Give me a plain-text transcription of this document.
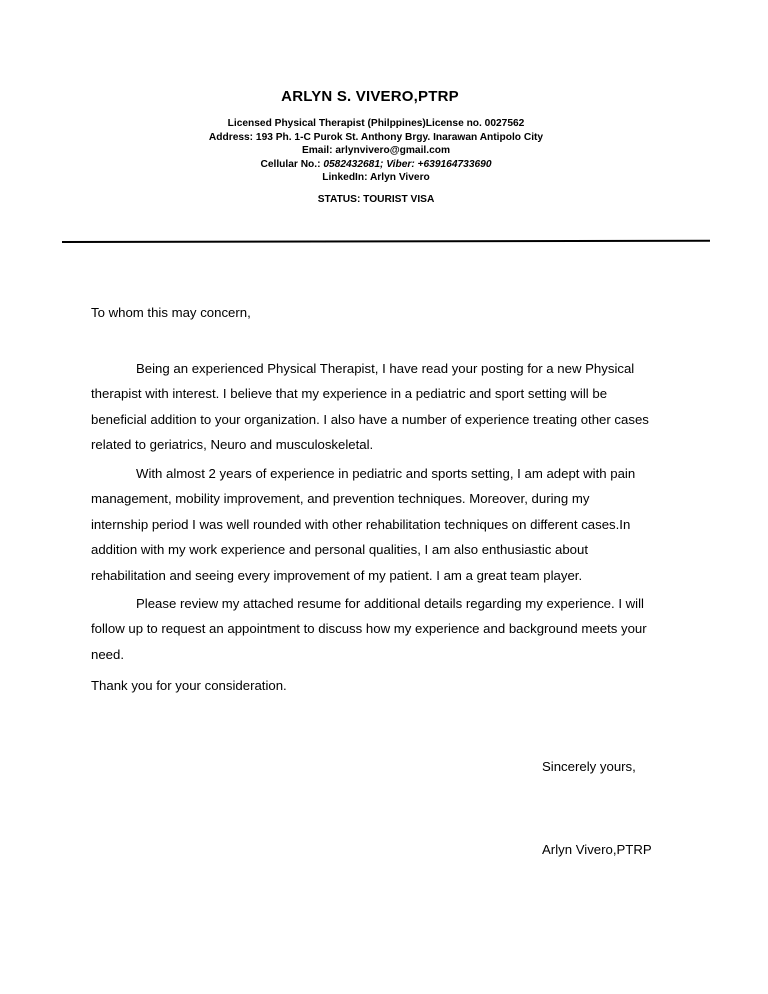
ARLYN S. VIVERO,PTRP
Licensed Physical Therapist (Philppines)License no. 0027562
Address: 193 Ph. 1-C Purok St. Anthony Brgy. Inarawan Antipolo City
Email: arlynvivero@gmail.com
Cellular No.: 0582432681; Viber: +639164733690
LinkedIn: Arlyn Vivero
STATUS: TOURIST VISA
To whom this may concern,
Being an experienced Physical Therapist, I have read your posting for a new Physical
therapist with interest. I believe that my experience in a pediatric and sport setting will be
beneficial addition to your organization. I also have a number of experience treating other cases
related to geriatrics, Neuro and musculoskeletal.
With almost 2 years of experience in pediatric and sports setting, I am adept with pain
management, mobility improvement, and prevention techniques. Moreover, during my
internship period I was well rounded with other rehabilitation techniques on different cases.In
addition with my work experience and personal qualities, I am also enthusiastic about
rehabilitation and seeing every improvement of my patient. I am a great team player.
Please review my attached resume for additional details regarding my experience. I will
follow up to request an appointment to discuss how my experience and background meets your
need.
Thank you for your consideration.
Sincerely yours,
Arlyn Vivero,PTRP
